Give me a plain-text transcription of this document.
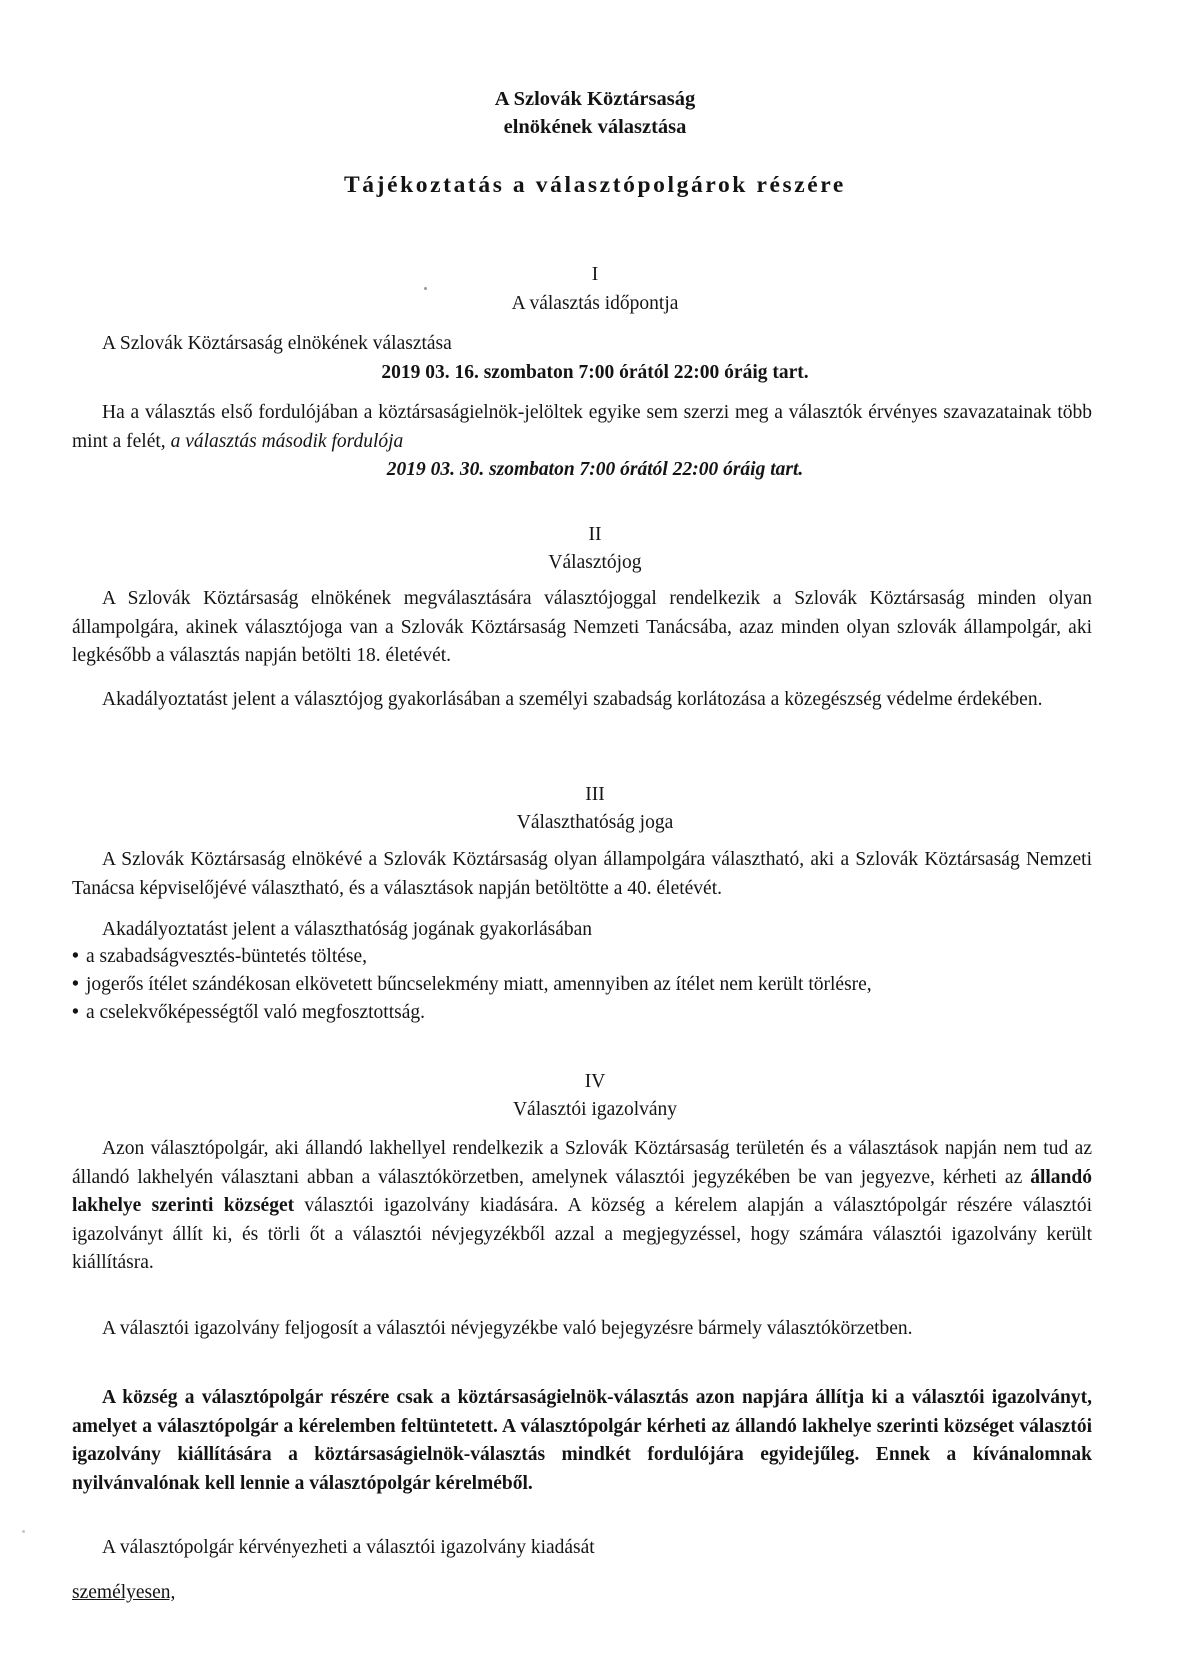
A Szlovák Köztársaság
elnökének választása
Tájékoztatás a választópolgárok részére
I
A választás időpontja
A Szlovák Köztársaság elnökének választása
2019 03. 16. szombaton 7:00 órától 22:00 óráig tart.
Ha a választás első fordulójában a köztársaságielnök-jelöltek egyike sem szerzi meg a választók érvényes szavazatainak több mint a felét, a választás második fordulója
2019 03. 30. szombaton 7:00 órától 22:00 óráig tart.
II
Választójog
A Szlovák Köztársaság elnökének megválasztására választójoggal rendelkezik a Szlovák Köztársaság minden olyan állampolgára, akinek választójoga van a Szlovák Köztársaság Nemzeti Tanácsába, azaz minden olyan szlovák állampolgár, aki legkésőbb a választás napján betölti 18. életévét.
Akadályoztatást jelent a választójog gyakorlásában a személyi szabadság korlátozása a közegészség védelme érdekében.
III
Választhatóság joga
A Szlovák Köztársaság elnökévé a Szlovák Köztársaság olyan állampolgára választható, aki a Szlovák Köztársaság Nemzeti Tanácsa képviselőjévé választható, és a választások napján betöltötte a 40. életévét.
Akadályoztatást jelent a választhatóság jogának gyakorlásában
• a szabadságvesztés-büntetés töltése,
• jogerős ítélet szándékosan elkövetett bűncselekmény miatt, amennyiben az ítélet nem került törlésre,
• a cselekvőképességtől való megfosztottság.
IV
Választói igazolvány
Azon választópolgár, aki állandó lakhellyel rendelkezik a Szlovák Köztársaság területén és a választások napján nem tud az állandó lakhelyén választani abban a választókörzetben, amelynek választói jegyzékében be van jegyezve, kérheti az állandó lakhelye szerinti községet választói igazolvány kiadására. A község a kérelem alapján a választópolgár részére választói igazolványt állít ki, és törli őt a választói névjegyzékből azzal a megjegyzéssel, hogy számára választói igazolvány került kiállításra.
A választói igazolvány feljogosít a választói névjegyzékbe való bejegyzésre bármely választókörzetben.
A község a választópolgár részére csak a köztársaságielnök-választás azon napjára állítja ki a választói igazolványt, amelyet a választópolgár a kérelemben feltüntetett. A választópolgár kérheti az állandó lakhelye szerinti községet választói igazolvány kiállítására a köztársaságielnök-választás mindkét fordulójára egyidejűleg. Ennek a kívánalomnak nyilvánvalónak kell lennie a választópolgár kérelméből.
A választópolgár kérvényezheti a választói igazolvány kiadását
személyesen,
